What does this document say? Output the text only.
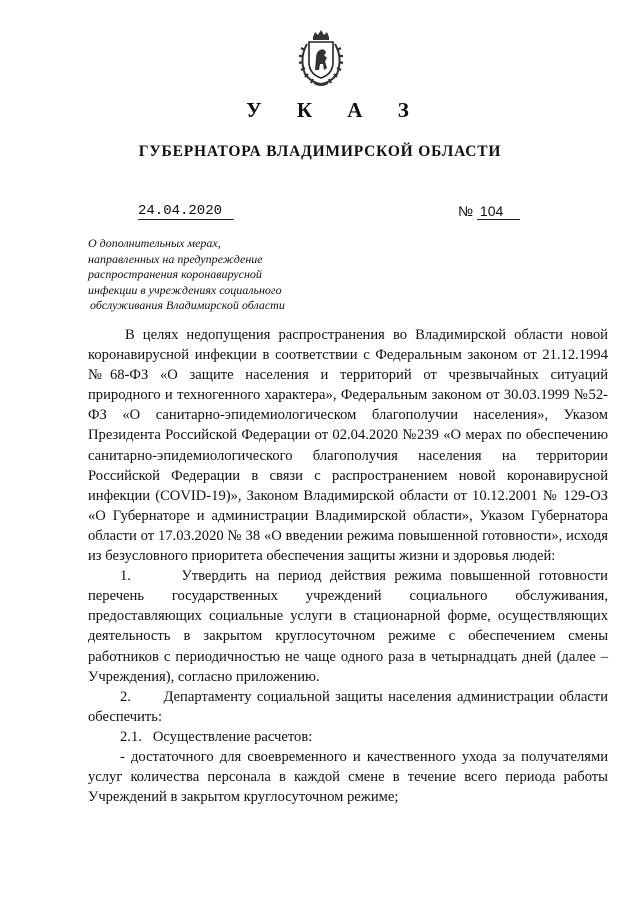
У К А З
ГУБЕРНАТОРА ВЛАДИМИРСКОЙ ОБЛАСТИ
24.04.2020	№ 104
О дополнительных мерах,
направленных на предупреждение
распространения коронавирусной
инфекции в учреждениях социального
обслуживания Владимирской области

В целях недопущения распространения во Владимирской области новой коронавирусной инфекции в соответствии с Федеральным законом от 21.12.1994 №68-ФЗ «О защите населения и территорий от чрезвычайных ситуаций природного и техногенного характера», Федеральным законом от 30.03.1999 №52-ФЗ «О санитарно-эпидемиологическом благополучии населения», Указом Президента Российской Федерации от 02.04.2020 №239 «О мерах по обеспечению санитарно-эпидемиологического благополучия населения на территории Российской Федерации в связи с распространением новой коронавирусной инфекции (COVID-19)», Законом Владимирской области от 10.12.2001 № 129-ОЗ «О Губернаторе и администрации Владимирской области», Указом Губернатора области от 17.03.2020 № 38 «О введении режима повышенной готовности», исходя из безусловного приоритета обеспечения защиты жизни и здоровья людей:

1.      Утвердить на период действия режима повышенной готовности перечень государственных учреждений социального обслуживания, предоставляющих социальные услуги в стационарной форме, осуществляющих деятельность в закрытом круглосуточном режиме с обеспечением смены работников с периодичностью не чаще одного раза в четырнадцать дней (далее – Учреждения), согласно приложению.

2.      Департаменту социальной защиты населения администрации области обеспечить:

2.1.   Осуществление расчетов:

- достаточного для своевременного и качественного ухода за получателями услуг количества персонала в каждой смене в течение всего периода работы Учреждений в закрытом круглосуточном режиме;
